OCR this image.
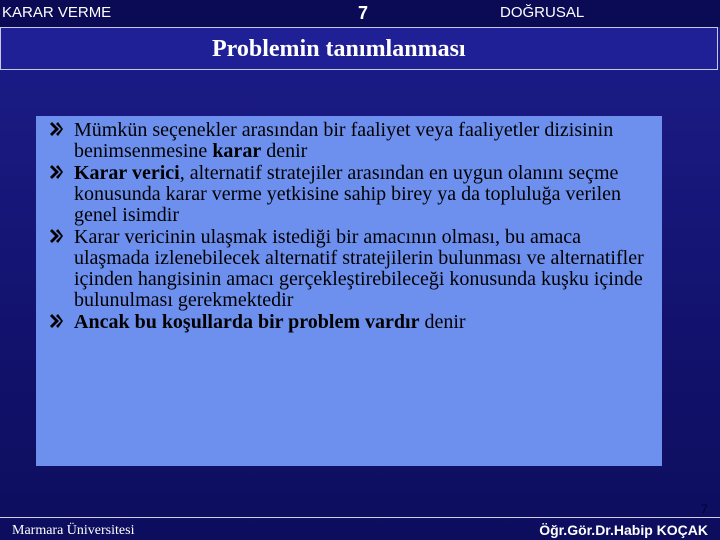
KARAR VERME	7	DOĞRUSAL
Problemin tanımlanması
Mümkün seçenekler arasından bir faaliyet veya faaliyetler dizisinin benimsenmesine karar denir
Karar verici, alternatif stratejiler arasından en uygun olanını seçme konusunda karar verme yetkisine sahip birey ya da topluluğa verilen genel isimdir
Karar vericinin ulaşmak istediği bir amacının olması, bu amaca ulaşmada izlenebilecek alternatif stratejilerin bulunması ve alternatifler içinden hangisinin amacı gerçekleştirebileceği konusunda kuşku içinde bulunulması gerekmektedir
Ancak bu koşullarda bir problem vardır denir
7
Marmara Üniversitesi	Öğr.Gör.Dr.Habip KOÇAK
